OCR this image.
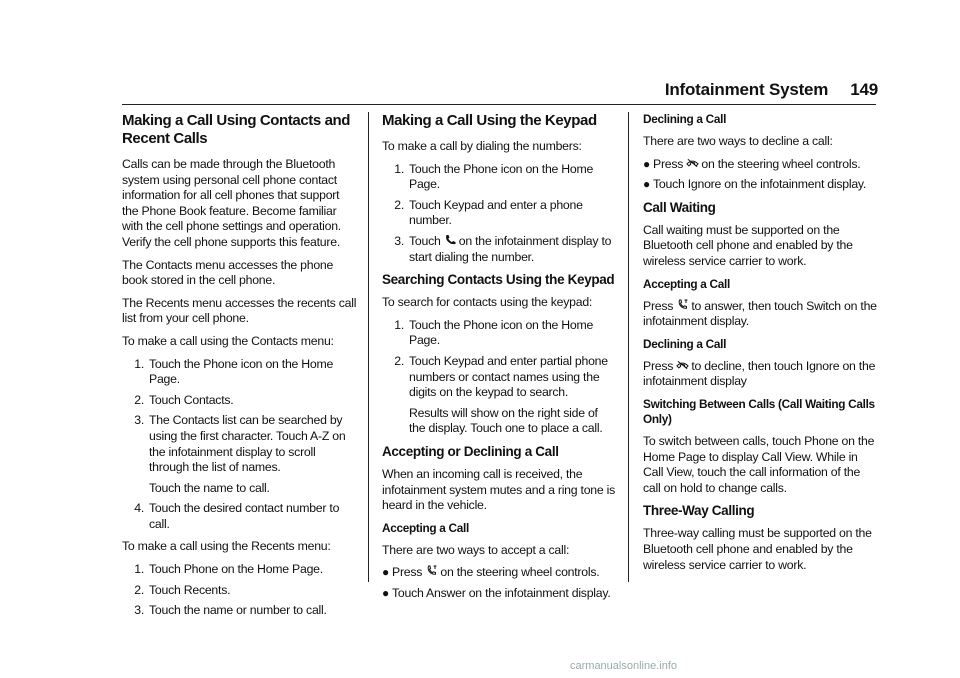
Infotainment System 149
Making a Call Using Contacts and Recent Calls

Calls can be made through the Bluetooth system using personal cell phone contact information for all cell phones that support the Phone Book feature. Become familiar with the cell phone settings and operation. Verify the cell phone supports this feature.

The Contacts menu accesses the phone book stored in the cell phone.

The Recents menu accesses the recents call list from your cell phone.

To make a call using the Contacts menu:

1. Touch the Phone icon on the Home Page.
2. Touch Contacts.
3. The Contacts list can be searched by using the first character. Touch A-Z on the infotainment display to scroll through the list of names.
Touch the name to call.
4. Touch the desired contact number to call.

To make a call using the Recents menu:

1. Touch Phone on the Home Page.
2. Touch Recents.
3. Touch the name or number to call.
Making a Call Using the Keypad

To make a call by dialing the numbers:

1. Touch the Phone icon on the Home Page.
2. Touch Keypad and enter a phone number.
3. Touch on the infotainment display to start dialing the number.
Searching Contacts Using the Keypad

To search for contacts using the keypad:

1. Touch the Phone icon on the Home Page.
2. Touch Keypad and enter partial phone numbers or contact names using the digits on the keypad to search.
Results will show on the right side of the display. Touch one to place a call.
Accepting or Declining a Call

When an incoming call is received, the infotainment system mutes and a ring tone is heard in the vehicle.

Accepting a Call

There are two ways to accept a call:

● Press on the steering wheel controls.
● Touch Answer on the infotainment display.
Declining a Call

There are two ways to decline a call:

● Press on the steering wheel controls.
● Touch Ignore on the infotainment display.
Call Waiting

Call waiting must be supported on the Bluetooth cell phone and enabled by the wireless service carrier to work.

Accepting a Call

Press to answer, then touch Switch on the infotainment display.

Declining a Call

Press to decline, then touch Ignore on the infotainment display

Switching Between Calls (Call Waiting Calls Only)

To switch between calls, touch Phone on the Home Page to display Call View. While in Call View, touch the call information of the call on hold to change calls.

Three-Way Calling

Three-way calling must be supported on the Bluetooth cell phone and enabled by the wireless service carrier to work.

carmanualsonline.info
